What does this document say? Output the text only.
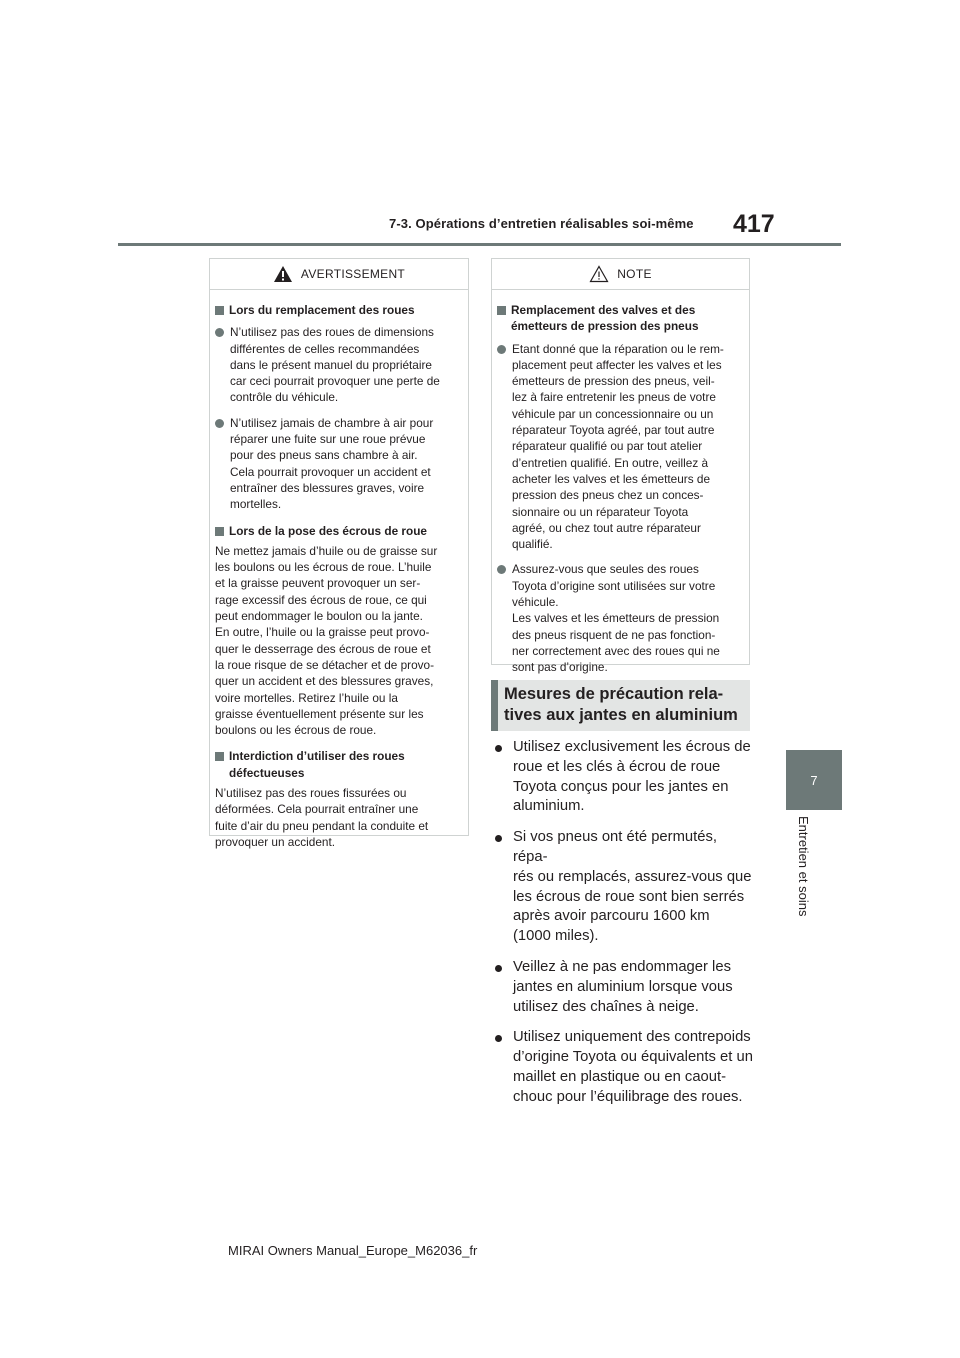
7-3. Opérations d’entretien réalisables soi-même 417
7
Entretien et soins
AVERTISSEMENT
Lors du remplacement des roues
N’utilisez pas des roues de dimensions
différentes de celles recommandées
dans le présent manuel du propriétaire
car ceci pourrait provoquer une perte de
contrôle du véhicule.
N’utilisez jamais de chambre à air pour
réparer une fuite sur une roue prévue
pour des pneus sans chambre à air.
Cela pourrait provoquer un accident et
entraîner des blessures graves, voire
mortelles.
Lors de la pose des écrous de roue
Ne mettez jamais d’huile ou de graisse sur
les boulons ou les écrous de roue. L’huile
et la graisse peuvent provoquer un ser-
rage excessif des écrous de roue, ce qui
peut endommager le boulon ou la jante.
En outre, l’huile ou la graisse peut provo-
quer le desserrage des écrous de roue et
la roue risque de se détacher et de provo-
quer un accident et des blessures graves,
voire mortelles. Retirez l’huile ou la
graisse éventuellement présente sur les
boulons ou les écrous de roue.
Interdiction d’utiliser des roues
défectueuses
N’utilisez pas des roues fissurées ou
déformées. Cela pourrait entraîner une
fuite d’air du pneu pendant la conduite et
provoquer un accident.
NOTE
Remplacement des valves et des
émetteurs de pression des pneus
Etant donné que la réparation ou le rem-
placement peut affecter les valves et les
émetteurs de pression des pneus, veil-
lez à faire entretenir les pneus de votre
véhicule par un concessionnaire ou un
réparateur Toyota agréé, par tout autre
réparateur qualifié ou par tout atelier
d’entretien qualifié. En outre, veillez à
acheter les valves et les émetteurs de
pression des pneus chez un conces-
sionnaire ou un réparateur Toyota
agréé, ou chez tout autre réparateur
qualifié.
Assurez-vous que seules des roues
Toyota d’origine sont utilisées sur votre
véhicule.
Les valves et les émetteurs de pression
des pneus risquent de ne pas fonction-
ner correctement avec des roues qui ne
sont pas d’origine.
Mesures de précaution rela-
tives aux jantes en aluminium
Utilisez exclusivement les écrous de
roue et les clés à écrou de roue
Toyota conçus pour les jantes en
aluminium.
Si vos pneus ont été permutés, répa-
rés ou remplacés, assurez-vous que
les écrous de roue sont bien serrés
après avoir parcouru 1600 km
(1000 miles).
Veillez à ne pas endommager les
jantes en aluminium lorsque vous
utilisez des chaînes à neige.
Utilisez uniquement des contrepoids
d’origine Toyota ou équivalents et un
maillet en plastique ou en caout-
chouc pour l’équilibrage des roues.
MIRAI Owners Manual_Europe_M62036_fr
